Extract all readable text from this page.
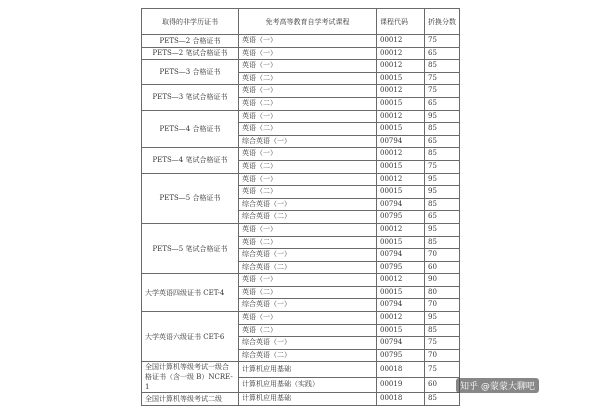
取得的非学历证书	免考高等教育自学考试课程	课程代码	折换分数
PETS—2 合格证书	英语（一）	00012	75
PETS—2 笔试合格证书	英语（一）	00012	65
PETS—3 合格证书	英语（一）	00012	85
	英语（二）	00015	75
PETS—3 笔试合格证书	英语（一）	00012	75
	英语（二）	00015	65
PETS—4 合格证书	英语（一）	00012	95
	英语（二）	00015	85
	综合英语（一）	00794	65
PETS—4 笔试合格证书	英语（一）	00012	85
	英语（二）	00015	75
PETS—5 合格证书	英语（一）	00012	95
	英语（二）	00015	95
	综合英语（一）	00794	85
	综合英语（二）	00795	65
PETS—5 笔试合格证书	英语（一）	00012	95
	英语（二）	00015	85
	综合英语（一）	00794	70
	综合英语（二）	00795	60
大学英语四级证书 CET-4	英语（一）	00012	90
	英语（二）	00015	80
	综合英语（一）	00794	70
大学英语六级证书 CET-6	英语（一）	00012	95
	英语（二）	00015	85
	综合英语（一）	00794	75
	综合英语（二）	00795	70
全国计算机等级考试一级合格证书（含一级 B）NCRE-1	计算机应用基础	00018	75
	计算机应用基础（实践）	00019	60
全国计算机等级考试二级	计算机应用基础	00018	85
知乎 @蒙蒙大聊吧
